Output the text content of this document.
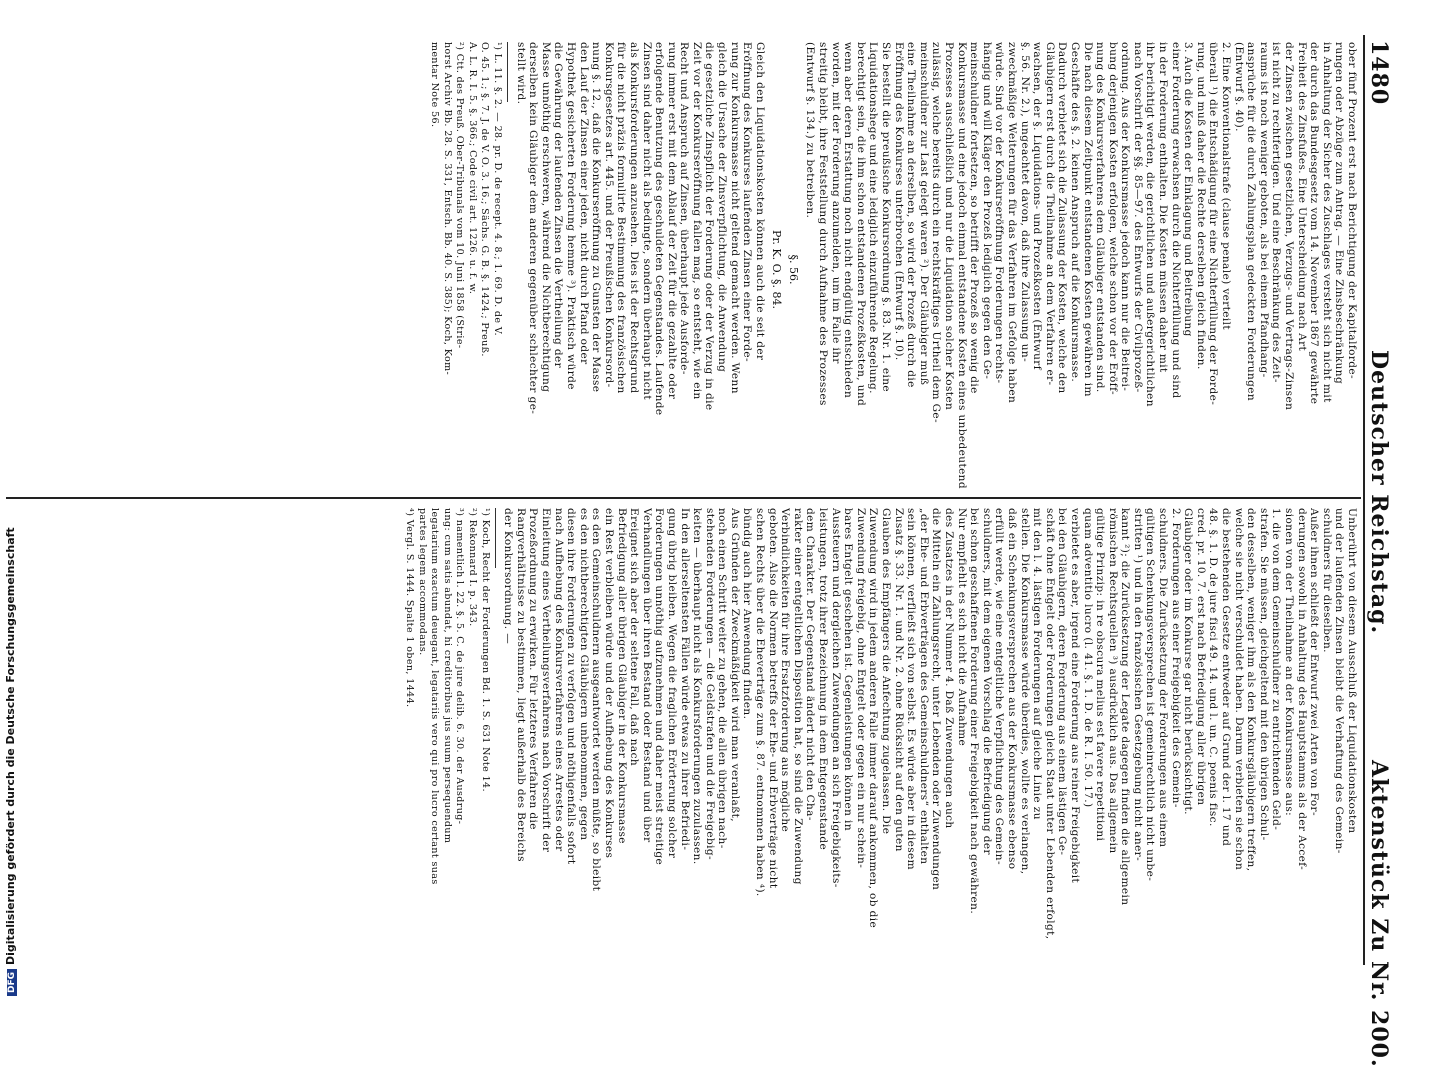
1480
Deutscher Reichstag.
Aktenstück Zu Nr. 200.
ober fünf Prozent erst nach Berichtigung der Kapitalforde-
rungen oder Abzüge zum Antrag. — Eine Zinsbeschränkung
in Anhaltung der Sicher des Zuschlages versteht sich nicht mit
der durch das Bundesgesetz vom 14. November 1867 gewährte
Freiheit des Zinsfußes. Eine Unterscheidung nach Art
der Zinsen zwischen gesetzlichen, Verzugs- und Vertrags-Zinsen
ist nicht zu rechtfertigen. Und eine Beschränkung des Zeit-
raums ist noch weniger geboten, als bei einem Pfandhang-
ansprüche für die durch Zahlungsplan gedeckten Forderungen
(Entwurf §. 40).
2. Eine Konventionalstrafe (clause penale) verteilt
überall ¹) die Entschädigung für eine Nichterfüllung der Forde-
rung, und muß daher die Rechte derselben gleich finden.
3. Auch die Kosten der Einklagung und Beitreibung
einer Forderung erwachsen durch die Nichterfüllung und sind
in der Forderung enthalten. Die Kosten müssen daher mit
ihr berichtigt werden, die gerichtlichen und außergerichtlichen
nach Vorschrift der §§. 85—97. des Entwurfs der Civilprozeß-
ordnung. Aus der Konkursmasse jedoch kann nur die Beitrei-
bung derjenigen Kosten erfolgen, welche schon vor der Eröff-
nung des Konkursverfahrens dem Gläubiger entstanden sind.
Die nach diesem Zeitpunkt entstandenen Kosten gewähren im
Geschäfte des §. 2. keinen Anspruch auf die Konkursmasse.
Dadurch verbietet sich die Zulassung der Kosten, welche den
Gläubigern erst durch die Theilnahme an dem Verfahren er-
wachsen, der §. Liquidations- und Prozeßkosten (Entwurf
§. 56. Nr. 2.), ungeachtet davon, daß ihre Zulassung un-
zweckmäßige Weiterungen für das Verfahren im Gefolge haben
würde. Sind vor der Konkurseröffnung Forderungen rechts-
hängig und will Kläger den Prozeß lediglich gegen den Ge-
meinschuldner fortsetzen, so betrifft der Prozeß so wenig die
Konkursmasse und eine jedoch einmal entstandene Kosten eines unbedeutend
Prozesses ausschließlich und nur die Liquidation solcher Kosten
zulässig, welche bereits durch ein rechtskräftiges Urtheil dem Ge-
meinschuldner zur Last gelegt waren ²). Der Gläubiger muß
eine Theilnahme an derselben, so wird der Prozeß durch die
Eröffnung des Konkurses unterbrochen (Entwurf §. 10).
Sie bestellt die preußische Konkursordnung §. 83. Nr. 1. eine
Liquidationshege und eine lediglich einzuführende Regelung.
berechtigt sein, die ihm schon entstandenen Prozeßkosten, und
wenn aber deren Erstattung noch nicht endgültig entschieden
worden, mit der Forderung anzumelden, um im Falle ihr
streitig bleibt, ihre Feststellung durch Aufnahme des Prozesses
(Entwurf §. 134.) zu betreiben.
§. 56.
Pr. K. O. §. 84.
Gleich den Liquidationskosten können auch die seit der
Eröffnung des Konkurses laufenden Zinsen einer Forde-
rung zur Konkursmasse nicht geltend gemacht werden. Wenn
gleich die Ursache der Zinsverpflichtung, die Anwendung
die gesetzliche Zinspflicht der Forderung oder der Verzug in die
Zeit vor der Konkurseröffnung fallen mag, so entsteht, wie ein
Recht und Anspruch auf Zinsen, überhaupt jede Ausforde-
rung immer erst mit dem Ablauf der Zeit für die gezahlte oder
erfolgende Benutzung des geschuldeten Gegenstandes. Laufende
Zinsen sind daher nicht als bedingte, sondern überhaupt nicht
als Konkursforderungen anzusehen. Dies ist der Rechtsgrund
für die nicht präzis formulirte Bestimmung des französischen
Konkursgesetzes art. 445. und der Preußischen Konkursord-
nung §. 12., daß die Konkurseröffnung zu Gunsten der Masse
den Lauf der Zinsen einer jeden, nicht durch Pfand oder
Hypothek gesicherten Forderung hemme ³). Praktisch würde
die Gewährung der laufenden Zinsen die Vertheilung der
Masse unnöthig erschweren, während die Nichtberechtigung
derselben kein Gläubiger dem anderen gegenüber schlechter ge-
stellt wird.
¹) L. 11. §. 2. — 28. pr. D. de recept. 4. 8.; 1. 69. D. de V.
O. 45. 1.; §. 7. J. de V. O. 3. 16.; Sächs. G. B. §. 1424.; Preuß.
A. L. R. I. 5. §. 366.; Code civil art. 1226. u. f. w.
²) Ctt. des Preuß. Ober-Tribunals vom 10. Juni 1858 (Strie-
horst Archiv Bb. 28. S. 331, Entsch. Bb. 40. S. 385); Koch, Kom-
mentar Note 56.
Unberührt von diesem Ausschluß der Liquidationskosten
und der laufenden Zinsen bleibt die Verhaftung des Gemein-
schuldners für dieselben.
Außer ihnen schließt der Entwurf zwei Arten von For-
derungen sowohl in Anhaltung des Hauptstamms als der Accef-
sionen von der Theilnahme an der Konkursmasse aus:
1. die von dem Gemeinschuldner zu entrichtenden Geld-
strafen. Sie müssen, gleichgeltend mit den übrigen Schul-
den desselben, weniger ihm als den Konkursgläubigern treffen,
welche sie nicht verschuldet haben. Darum verbieten sie schon
die bestehenden Gesetze entweder auf Grund der l. 17 und
48. §. 1. D. de jure fisci 49. 14. und l. un. C. poenis fisc.
cred. pr. 10. 7. erst nach Befriedigung aller übrigen
Gläubiger oder im Konkurse gar nicht berücksichtigt.
2. Forderungen aus einer Freigebigkeit des Gemein-
schuldners. Die Zurücksetzung der Forderungen aus einem
gültigen Schenkungsversprechen ist gemeinrechtlich nicht unbe-
stritten ¹) und in den französischen Gesetzgebung nicht aner-
kannt ²); die Zurücksetzung der Legate dagegen finden die allgemein
römischen Rechtsquellen ³) ausdrücklich aus. Das allgemein
gültige Prinzip: in re obscura melius est favere repetitioni
quam adventitio lucro (l. 41. §. 1. D. de R. I. 50. 17.)
verbietet es aber, irgend eine Forderung aus reiner Freigebigkeit
bei den Gläubigern, deren Forderung aus einem lästigen Ge-
schäft ohne Entgelt oder Forderungen gleich Staat unter Lebenden erfolgt,
mit den l. 4. lästigen Forderungen auf gleiche Linie zu
stellen. Die Konkursmasse würde überdies, wollte es verlangen,
daß ein Schenkungsversprechen aus der Konkursmasse ebenso
erfüllt werde, wie eine entgeltliche Verpflichtung des Gemein-
schuldners, mit dem eigenen Vorschlag die Befriedigung der
bei schon geschaffenen Forderung einer Freigebigkeit nach gewähren.
Nur empfiehlt es sich nicht die Aufnahme
des Zusatzes in der Nummer 4. Daß Zuwendungen auch
die Mitteln ein Zahlungsrecht, unter Lebenden oder Zuwendungen
„der Ehe- und Erbverträgen des Gemeinschuldners“ enthalten
sein können, verfließt sich von selbst. Es würde aber in diesem
Zusatz §. 33. Nr. 1. und Nr. 2. ohne Rücksicht auf den guten
Glauben des Empfängers die Anfechtung zugelassen. Die
Zuwendung wird in jedem anderen Falle immer darauf ankommen, ob die
Zuwendung freigebig, ohne Entgelt oder gegen ein nur schein-
bares Entgelt geschehen ist. Gegenleistungen können in
Aussteuern und dergleichen Zuwendungen an sich Freigebigkeits-
leistungen, trotz ihrer Bezeichnung in dem Entgegenstande
dem Charakter. Der Gegenstand ändert nicht den Cha-
rakter einer entgeltlichen Disposition hat, so sind die Zuwendung
Verbindlichkeiten für ihre Ersatzforderung aus mögliche
geboten. Also die Normen betreffs der Ehe- und Erbverträge nicht
schen Rechts über die Eheverträge zum §. 87. entnommen haben ⁴).
bündig auch hier Anwendung finden.
Aus Gründen der Zweckmäßigkeit wird man veranlaßt,
noch einen Schritt weiter zu gehen, die allen übrigen nach-
stehenden Forderungen — die Geldstrafen und die Freigebig-
keiten — überhaupt nicht als Konkursforderungen zuzulassen.
In den allerseltensten Fällen würde etwas zu ihrer Befriedi-
gung übrig bleiben. Wegen die fraglichen Erörterung solcher
Forderungen unnöthig aufzunehmen und daher meist streitige
Verhandlungen über ihren Bestand oder Bestand und über
Ereignet sich aber der seltene Fall, daß nach
Befriedigung aller übrigen Gläubiger in der Konkursmasse
ein Rest verbleiben würde und der Aufhebung des Konkurses
es den Gemeinschuldnern ausgeantwortet werden müßte, so bleibt
es den nichtberechtigten Gläubigern unbenommen, gegen
diesen ihre Forderungen zu verfolgen und nöthigenfalls sofort
nach Aufhebung des Konkursverfahrens eines Arrestes oder
Einleitung eines Vertheilungsverfahrens nach Vorschrift der
Prozeßordnung zu erwirken. Für letzteres Verfahren die
Rangverhältnisse zu bestimmen, liegt außerhalb des Bereichs
der Konkursordnung. —
¹) Koch, Recht der Forderungen Bd. 1. S. 631 Note 14.
²) Rekonnard I. p. 343.
³) namentlich l. 22. §. 5. C. de jure delib. 6. 30. der Ausdrug-
ung: cum satis abundat, hi creditoribus jus suum persequendum
legatarium exactum deuegant, legatariis vero qui pro lucro certant suas
partes legem accommodans.
⁴) Vergl. S. 1444. Spalte 1 oben, 1444.
DFGDigitalisierung gefördert durch die Deutsche Forschungsgemeinschaft
